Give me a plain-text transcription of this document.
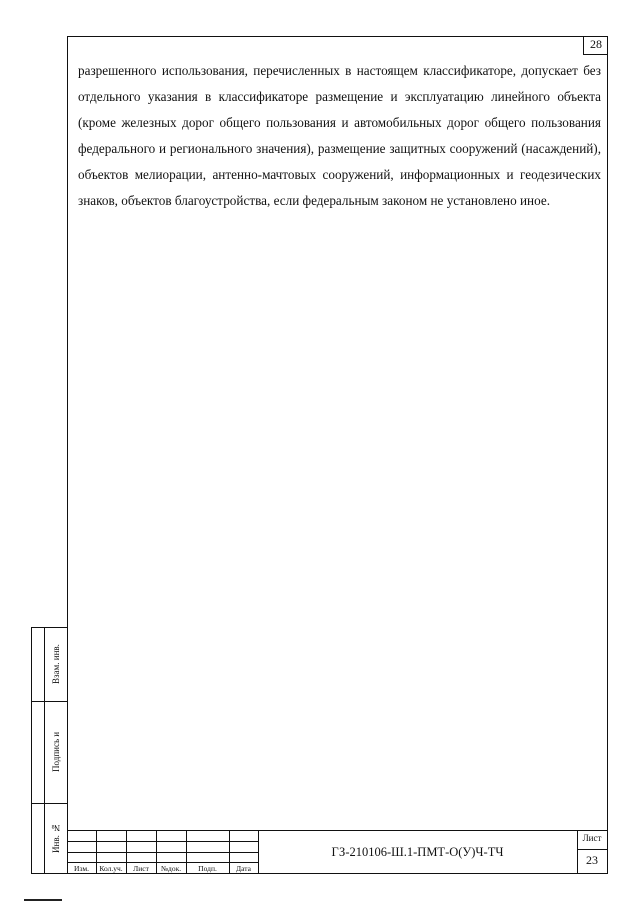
28

разрешенного использования, перечисленных в настоящем классификаторе, допускает без отдельного указания в классификаторе размещение и эксплуатацию линейного объекта (кроме железных дорог общего пользования и автомобильных дорог общего пользования федерального и регионального значения), размещение защитных сооружений (насаждений), объектов мелиорации, антенно-мачтовых сооружений, информационных и геодезических знаков, объектов благоустройства, если федеральным законом не установлено иное.

Взам. инв.
Подпись и
Инв. №
Изм.	Кол.уч.	Лист	№док.	Подп.	Дата
ГЗ-210106-Ш.1-ПМТ-О(У)Ч-ТЧ
Лист
23
